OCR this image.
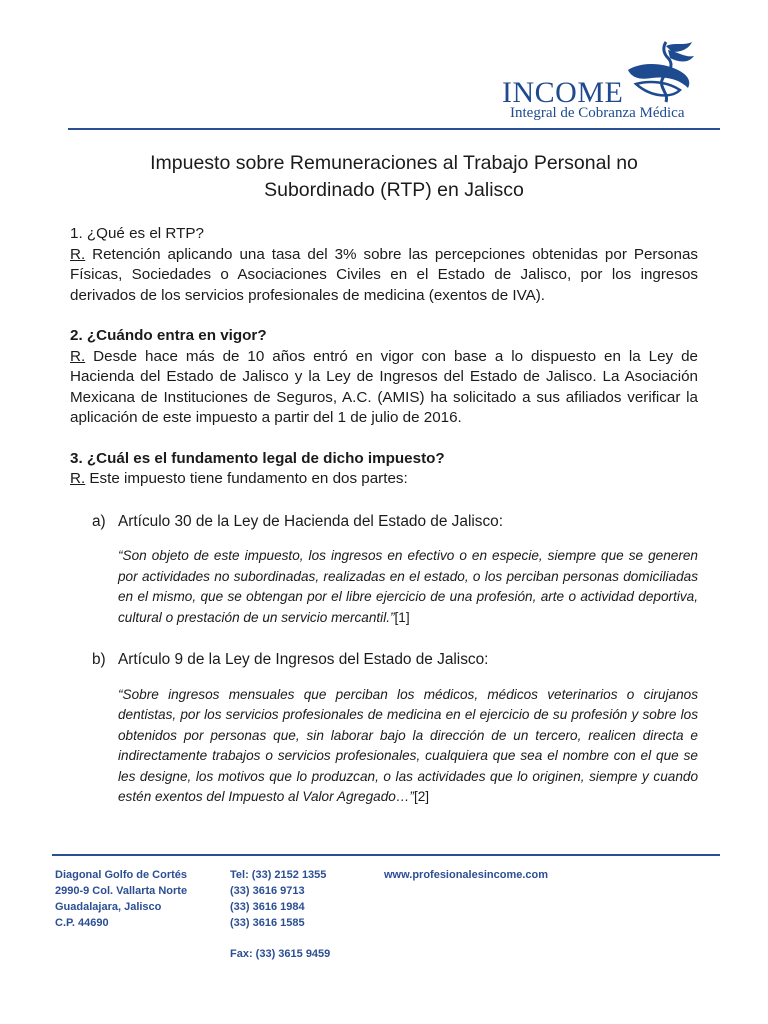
INCOME
Integral de Cobranza Médica
Impuesto sobre Remuneraciones al Trabajo Personal no
Subordinado (RTP) en Jalisco

1. ¿Qué es el RTP?

R. Retención aplicando una tasa del 3% sobre las percepciones obtenidas por Personas Físicas, Sociedades o Asociaciones Civiles en el Estado de Jalisco, por los ingresos derivados de los servicios profesionales de medicina (exentos de IVA).

2. ¿Cuándo entra en vigor?

R. Desde hace más de 10 años entró en vigor con base a lo dispuesto en la Ley de Hacienda del Estado de Jalisco y la Ley de Ingresos del Estado de Jalisco. La Asociación Mexicana de Instituciones de Seguros, A.C. (AMIS) ha solicitado a sus afiliados verificar la aplicación de este impuesto a partir del 1 de julio de 2016.

3. ¿Cuál es el fundamento legal de dicho impuesto?

R. Este impuesto tiene fundamento en dos partes:

a) Artículo 30 de la Ley de Hacienda del Estado de Jalisco:

“Son objeto de este impuesto, los ingresos en efectivo o en especie, siempre que se generen por actividades no subordinadas, realizadas en el estado, o los perciban personas domiciliadas en el mismo, que se obtengan por el libre ejercicio de una profesión, arte o actividad deportiva, cultural o prestación de un servicio mercantil.”[1]

b) Artículo 9 de la Ley de Ingresos del Estado de Jalisco:

“Sobre ingresos mensuales que perciban los médicos, médicos veterinarios o cirujanos dentistas, por los servicios profesionales de medicina en el ejercicio de su profesión y sobre los obtenidos por personas que, sin laborar bajo la dirección de un tercero, realicen directa e indirectamente trabajos o servicios profesionales, cualquiera que sea el nombre con el que se les designe, los motivos que lo produzcan, o las actividades que lo originen, siempre y cuando estén exentos del Impuesto al Valor Agregado…”[2]

Diagonal Golfo de Cortés
2990-9 Col. Vallarta Norte
Guadalajara, Jalisco
C.P. 44690
Tel: (33) 2152 1355
(33) 3616 9713
(33) 3616 1984
(33) 3616 1585
www.profesionalesincome.com
Fax: (33) 3615 9459
